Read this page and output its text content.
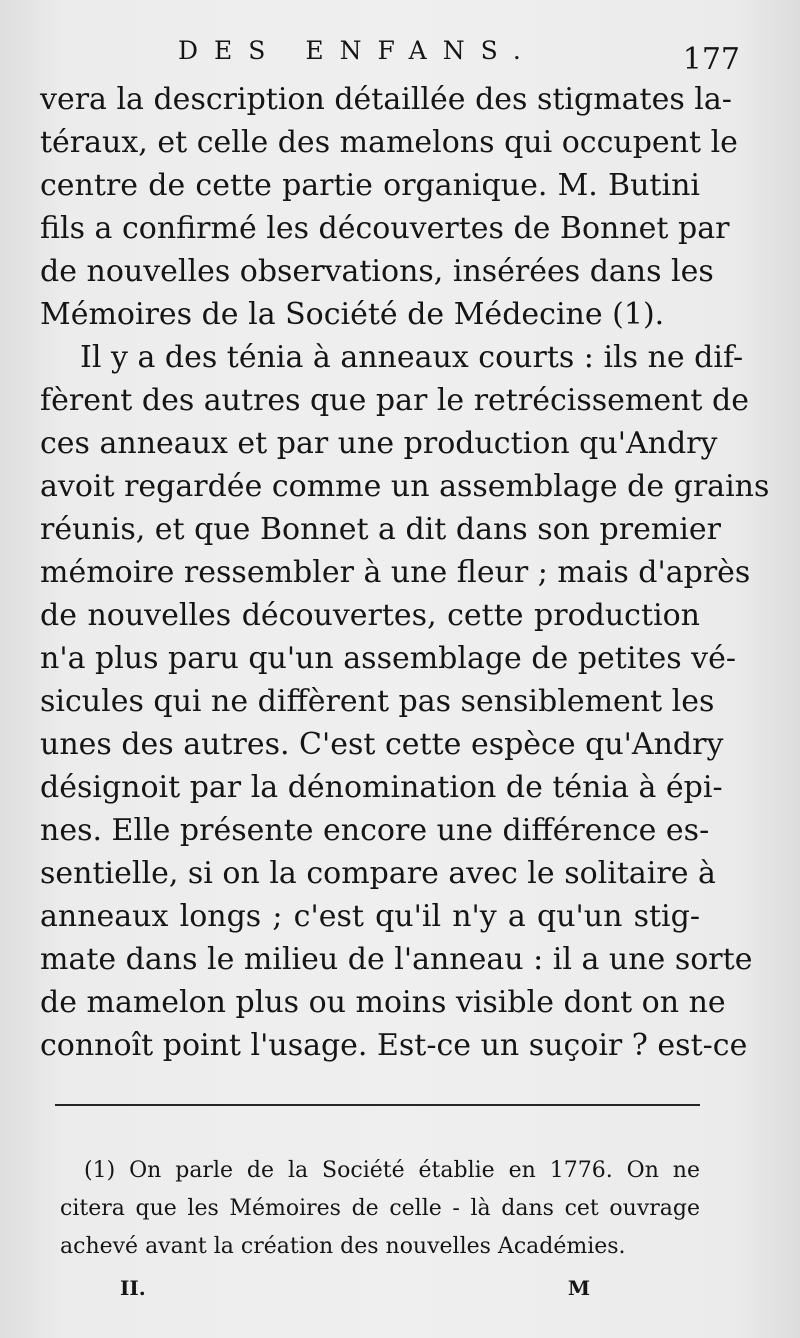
DES ENFANS.	177
vera la description détaillée des stigmates la-
téraux, et celle des mamelons qui occupent le
centre de cette partie organique. M. Butini
fils a confirmé les découvertes de Bonnet par
de nouvelles observations, insérées dans les
Mémoires de la Société de Médecine (1).
Il y a des ténia à anneaux courts : ils ne dif-
fèrent des autres que par le retrécissement de
ces anneaux et par une production qu'Andry
avoit regardée comme un assemblage de grains
réunis, et que Bonnet a dit dans son premier
mémoire ressembler à une fleur ; mais d'après
de nouvelles découvertes, cette production
n'a plus paru qu'un assemblage de petites vé-
sicules qui ne diffèrent pas sensiblement les
unes des autres. C'est cette espèce qu'Andry
désignoit par la dénomination de ténia à épi-
nes. Elle présente encore une différence es-
sentielle, si on la compare avec le solitaire à
anneaux longs ; c'est qu'il n'y a qu'un stig-
mate dans le milieu de l'anneau : il a une sorte
de mamelon plus ou moins visible dont on ne
connoît point l'usage. Est-ce un suçoir ? est-ce
(1) On parle de la Société établie en 1776. On ne
citera que les Mémoires de celle - là dans cet ouvrage
achevé avant la création des nouvelles Académies.
II.	M
